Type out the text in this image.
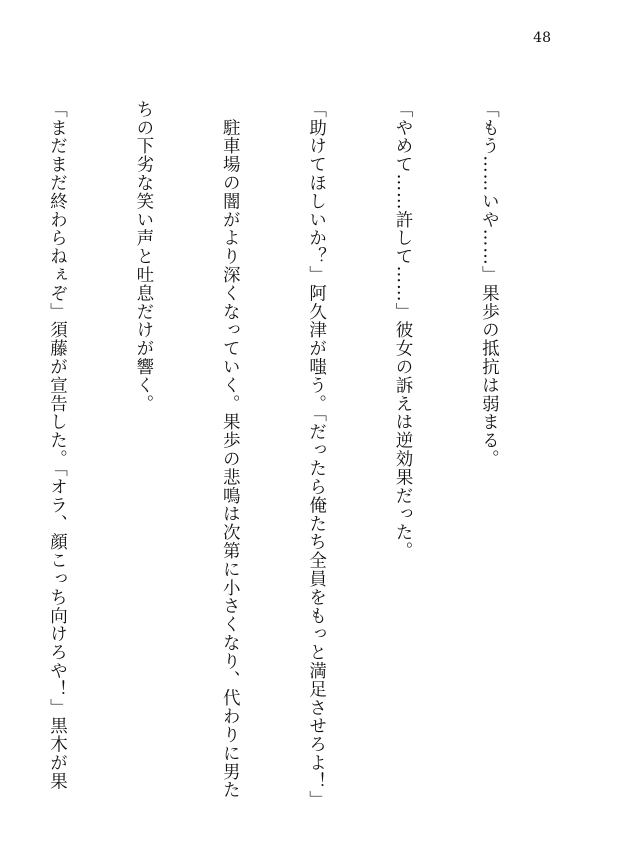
48

「もう……いや……」果歩の抵抗は弱まる。

「やめて……許して……」彼女の訴えは逆効果だった。

「助けてほしいか？」阿久津が嗤う。「だったら俺たち全員をもっと満足させろよ！」

　駐車場の闇がより深くなっていく。果歩の悲鳴は次第に小さくなり、代わりに男た

ちの下劣な笑い声と吐息だけが響く。

「まだまだ終わらねぇぞ」須藤が宣告した。「オラ、顔こっち向けろや！」黒木が果
